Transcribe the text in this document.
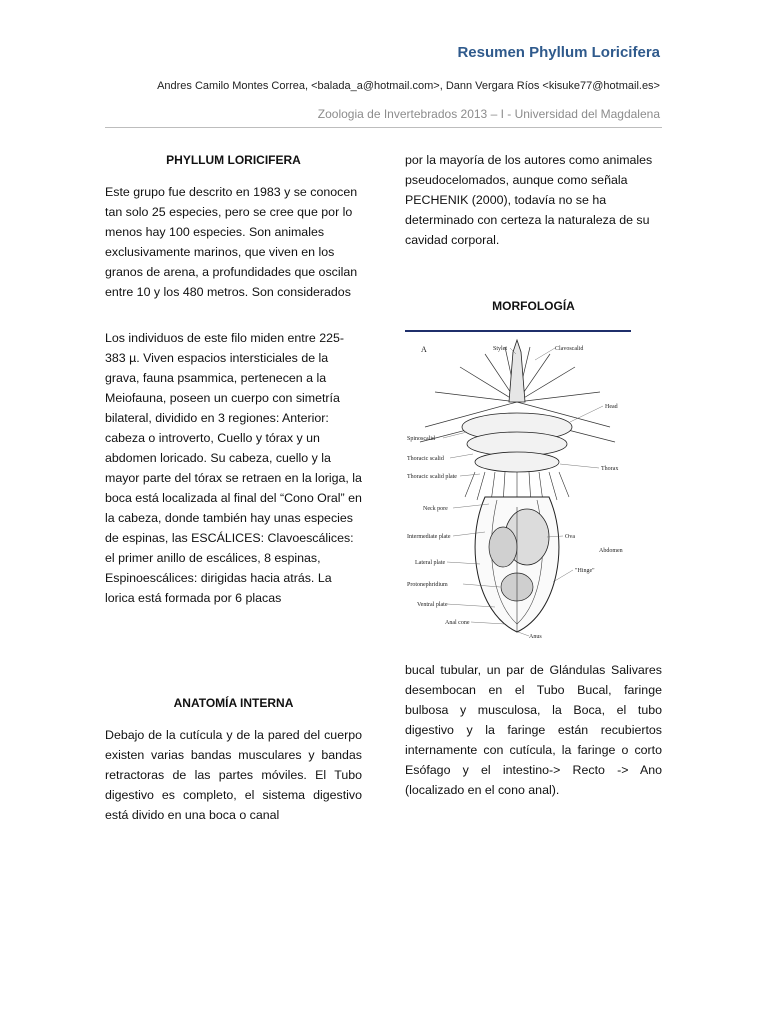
Resumen Phyllum Loricifera
Andres Camilo Montes Correa, <balada_a@hotmail.com>, Dann Vergara Ríos <kisuke77@hotmail.es>
Zoologia de Invertebrados 2013 – I - Universidad del Magdalena
PHYLLUM LORICIFERA

Este grupo fue descrito en 1983 y se conocen tan solo 25 especies, pero se cree que por lo menos hay 100 especies. Son animales exclusivamente marinos, que viven en los granos de arena, a profundidades que oscilan entre 10 y los 480 metros. Son considerados

Los individuos de este filo miden entre 225-383 µ. Viven espacios intersticiales de la grava, fauna psammica, pertenecen a la Meiofauna, poseen un cuerpo con simetría bilateral, dividido en 3 regiones: Anterior: cabeza o introverto, Cuello y tórax y un abdomen loricado. Su cabeza, cuello y la mayor parte del tórax se retraen en la loriga, la boca está localizada al final del “Cono Oral” en la cabeza, donde también hay unas especies de espinas, las ESCÁLICES: Clavoescálices: el primer anillo de escálices, 8 espinas, Espinoescálices: dirigidas hacia atrás. La lorica está formada por 6 placas

ANATOMÍA INTERNA

Debajo de la cutícula y de la pared del cuerpo existen varias bandas musculares y bandas retractoras de las partes móviles. El Tubo digestivo es completo, el sistema digestivo está divido en una boca o canal

por la mayoría de los autores como animales pseudocelomados, aunque como señala PECHENIK (2000), todavía no se ha determinado con certeza la naturaleza de su cavidad corporal.

MORFOLOGÍA
A	Stylet	Clavoscalid
Head
Spinoscalid
Thoracic scalid
Thoracic scalid plate
Thorax
Neck pore
Intermediate plate	Ova
Abdomen
Lateral plate
"Hinge"
Protonephridium
Ventral plate
Anal cone
Anus

bucal tubular, un par de Glándulas Salivares desembocan en el Tubo Bucal, faringe bulbosa y musculosa, la Boca, el tubo digestivo y la faringe están recubiertos internamente con cutícula, la faringe o corto Esófago y el intestino-> Recto -> Ano (localizado en el cono anal).
